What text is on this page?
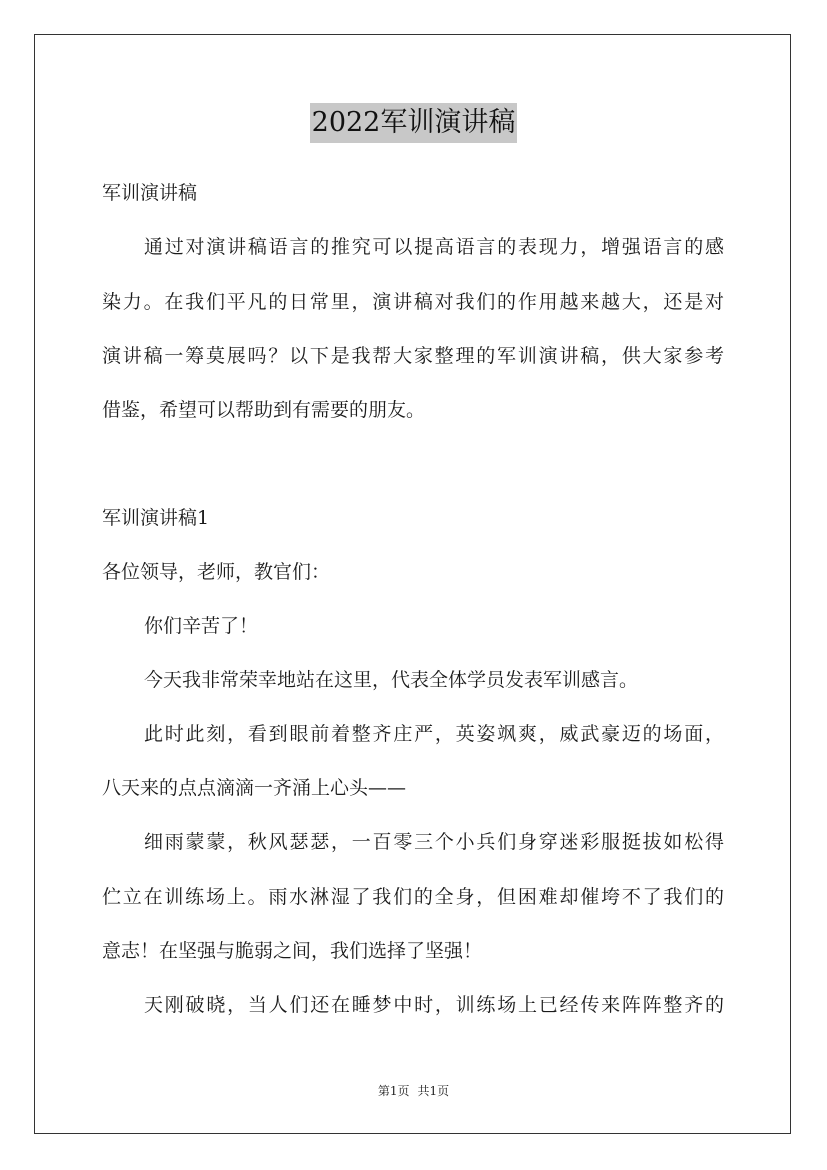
2022军训演讲稿
军训演讲稿
通过对演讲稿语言的推究可以提高语言的表现力，增强语言的感
染力。在我们平凡的日常里，演讲稿对我们的作用越来越大，还是对
演讲稿一筹莫展吗？以下是我帮大家整理的军训演讲稿，供大家参考
借鉴，希望可以帮助到有需要的朋友。
军训演讲稿1
各位领导，老师，教官们：
你们辛苦了！
今天我非常荣幸地站在这里，代表全体学员发表军训感言。
此时此刻，看到眼前着整齐庄严，英姿飒爽，威武豪迈的场面，
八天来的点点滴滴一齐涌上心头——
细雨蒙蒙，秋风瑟瑟，一百零三个小兵们身穿迷彩服挺拔如松得
伫立在训练场上。雨水淋湿了我们的全身，但困难却催垮不了我们的
意志！在坚强与脆弱之间，我们选择了坚强！
天刚破晓，当人们还在睡梦中时，训练场上已经传来阵阵整齐的
第1页 共1页
